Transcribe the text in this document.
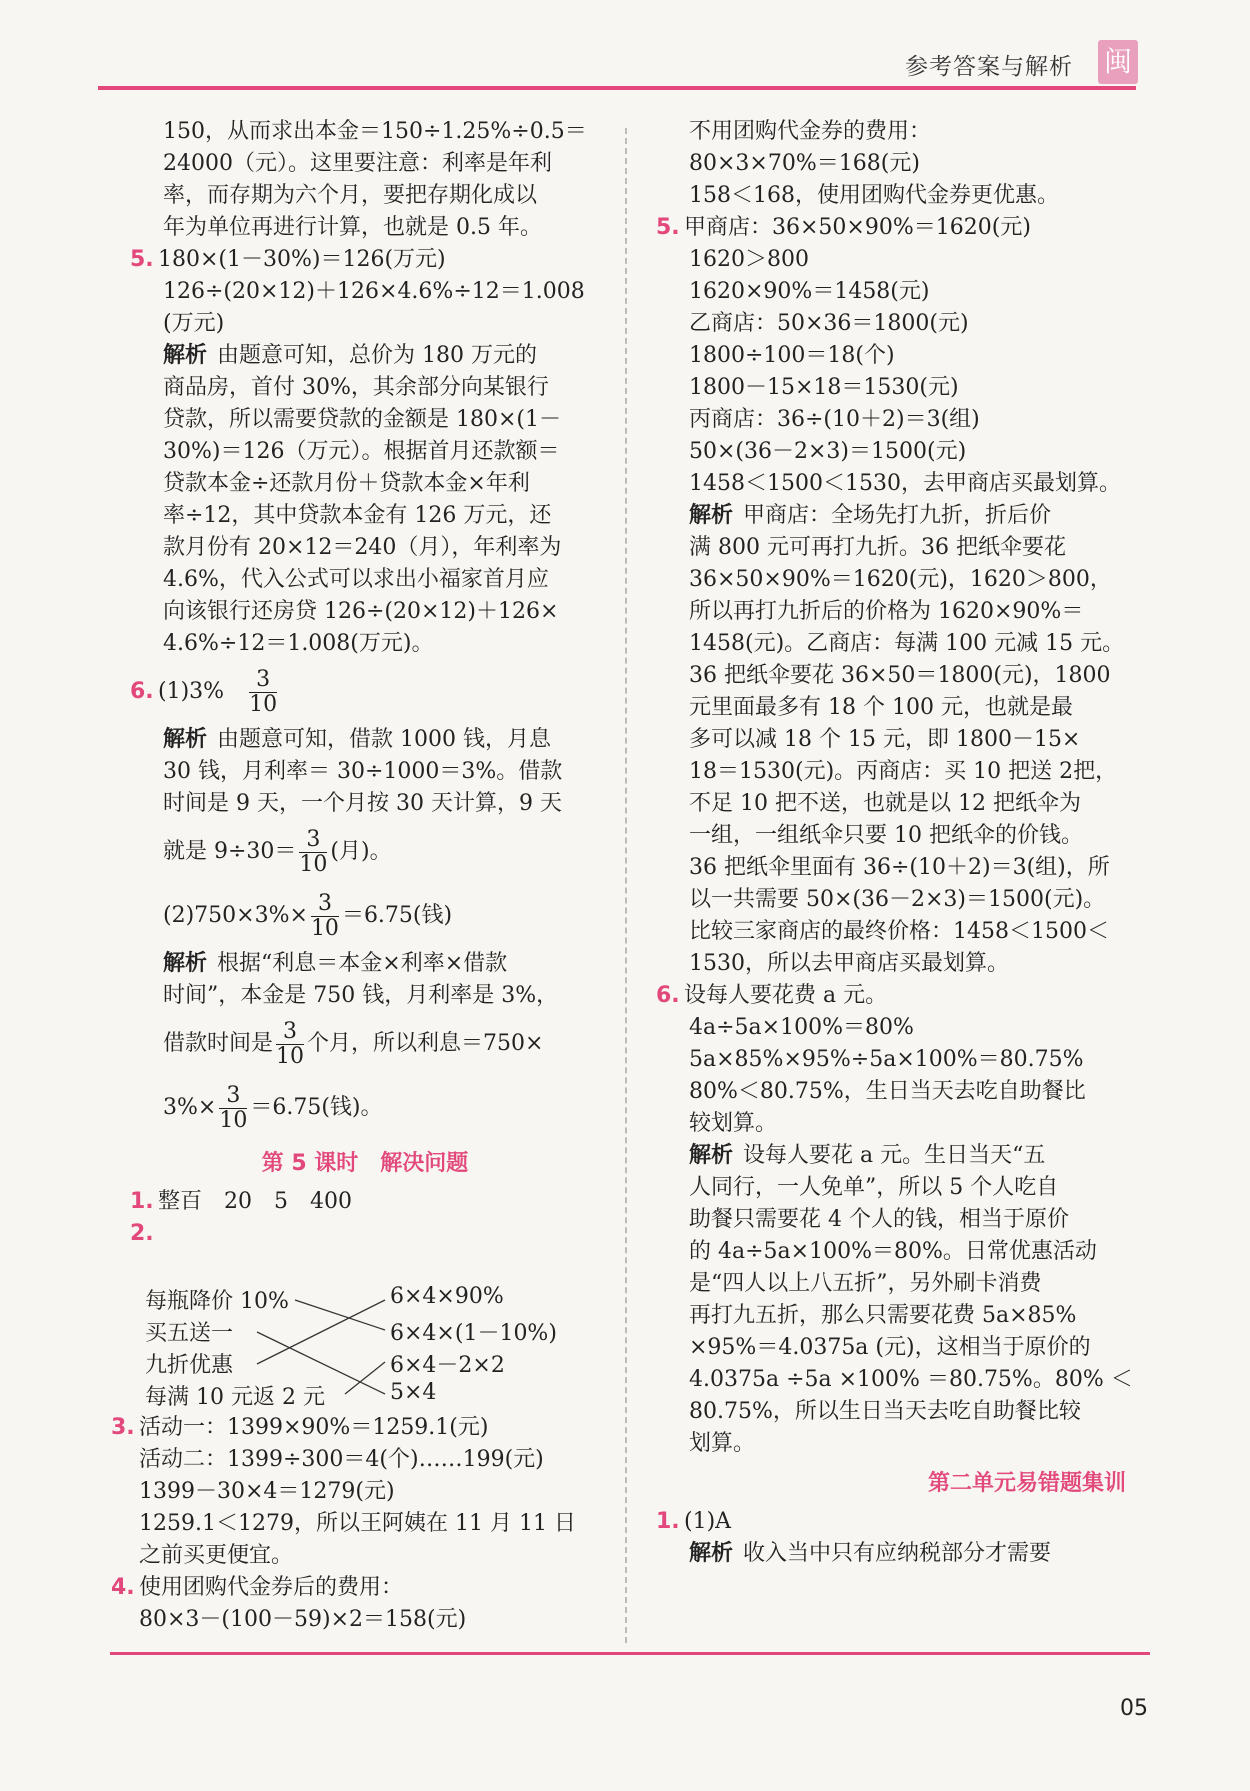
参考答案与解析 闽

150，从而求出本金＝150÷1.25%÷0.5＝

24000（元）。这里要注意：利率是年利

率，而存期为六个月，要把存期化成以

年为单位再进行计算，也就是 0.5 年。

5. 180×(1－30%)＝126(万元)

126÷(20×12)＋126×4.6%÷12＝1.008

(万元)

解析 由题意可知，总价为 180 万元的

商品房，首付 30%，其余部分向某银行

贷款，所以需要贷款的金额是 180×(1－

30%)＝126（万元）。根据首月还款额＝

贷款本金÷还款月份＋贷款本金×年利

率÷12，其中贷款本金有 126 万元，还

款月份有 20×12＝240（月），年利率为

4.6%，代入公式可以求出小福家首月应

向该银行还房贷 126÷(20×12)＋126×

4.6%÷12＝1.008(万元)。

6. $(1)3\% \frac{3}{10}$

解析 由题意可知，借款 1000 钱，月息

30 钱，月利率＝ 30÷1000＝3%。借款

时间是 9 天，一个月按 30 天计算，9 天

就是 $9\div 30= \frac{3}{10}$ (月)。

$(2)750\times 3\%\times \frac{3}{10} =6.75$(钱)

解析 根据“利息＝本金×利率×借款

时间”，本金是 750 钱，月利率是 3%，

借款时间是 $\frac{3}{10}$ 个月，所以利息＝750×

$3\%\times \frac{3}{10} =6.75$(钱)。

第 5 课时　解决问题

1. 整百　20　5　400

2.

每瓶降价 10%
买五送一
九折优惠
每满 10 元返 2 元
6×4×90%
6×4×(1－10%)
6×4－2×2
5×4

3. 活动一：1399×90%＝1259.1(元)

活动二：1399÷300＝4(个)……199(元)

1399－30×4＝1279(元)

1259.1＜1279，所以王阿姨在 11 月 11 日

之前买更便宜。

4. 使用团购代金券后的费用：

80×3－(100－59)×2＝158(元)

不用团购代金券的费用：

80×3×70%＝168(元)

158＜168，使用团购代金券更优惠。

5. 甲商店：36×50×90%＝1620(元)

1620＞800

1620×90%＝1458(元)

乙商店：50×36＝1800(元)

1800÷100＝18(个)

1800－15×18＝1530(元)

丙商店：36÷(10＋2)＝3(组)

50×(36－2×3)＝1500(元)

1458＜1500＜1530，去甲商店买最划算。

解析 甲商店：全场先打九折，折后价

满 800 元可再打九折。36 把纸伞要花

36×50×90%＝1620(元)，1620＞800，

所以再打九折后的价格为 1620×90%＝

1458(元)。乙商店：每满 100 元减 15 元。

36 把纸伞要花 36×50＝1800(元)，1800

元里面最多有 18 个 100 元，也就是最

多可以减 18 个 15 元，即 1800－15×

18＝1530(元)。丙商店：买 10 把送 2把，

不足 10 把不送，也就是以 12 把纸伞为

一组，一组纸伞只要 10 把纸伞的价钱。

36 把纸伞里面有 36÷(10＋2)＝3(组)，所

以一共需要 50×(36－2×3)＝1500(元)。

比较三家商店的最终价格：1458＜1500＜

1530，所以去甲商店买最划算。

6. 设每人要花费 a 元。

4a÷5a×100%＝80%

5a×85%×95%÷5a×100%＝80.75%

80%＜80.75%，生日当天去吃自助餐比

较划算。

解析 设每人要花 a 元。生日当天“五

人同行，一人免单”，所以 5 个人吃自

助餐只需要花 4 个人的钱，相当于原价

的 4a÷5a×100%＝80%。日常优惠活动

是“四人以上八五折”，另外刷卡消费

再打九五折，那么只需要花费 5a×85%

×95%＝4.0375a (元)，这相当于原价的

4.0375a ÷5a ×100% ＝80.75%。80% ＜

80.75%，所以生日当天去吃自助餐比较

划算。

第二单元易错题集训

1. (1)A

解析 收入当中只有应纳税部分才需要

05
